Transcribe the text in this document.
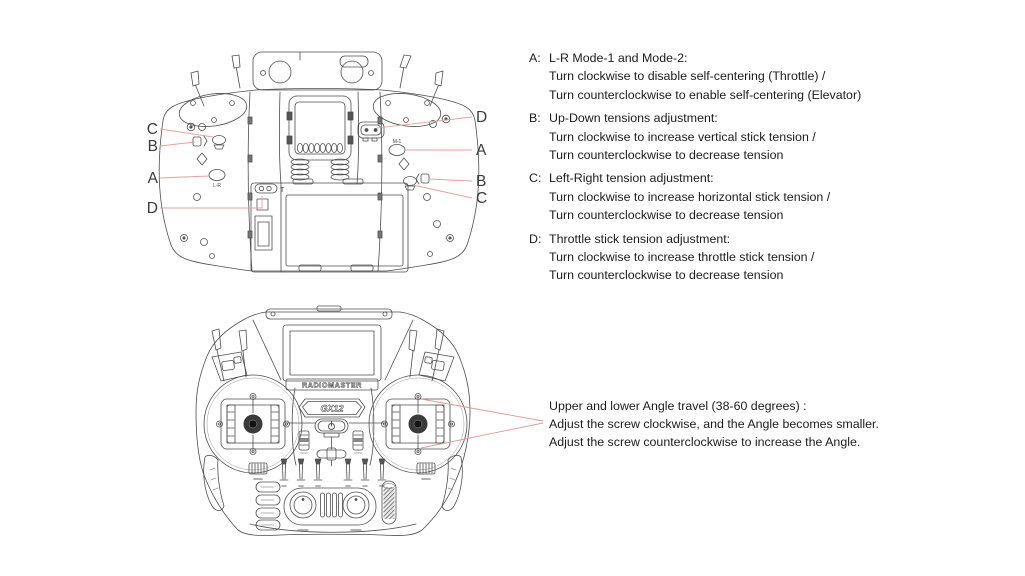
T
L-R
M-1
C
B
A
D
D
A
B
C
RADIOMASTER
GX12
A: L-R Mode-1 and Mode-2:
Turn clockwise to disable self-centering (Throttle) /
Turn counterclockwise to enable self-centering (Elevator)
B: Up-Down tensions adjustment:
Turn clockwise to increase vertical stick tension /
Turn counterclockwise to decrease tension
C: Left-Right tension adjustment:
Turn clockwise to increase horizontal stick tension /
Turn counterclockwise to decrease tension
D: Throttle stick tension adjustment:
Turn clockwise to increase throttle stick tension /
Turn counterclockwise to decrease tension
Upper and lower Angle travel (38-60 degrees) :
Adjust the screw clockwise, and the Angle becomes smaller.
Adjust the screw counterclockwise to increase the Angle.
